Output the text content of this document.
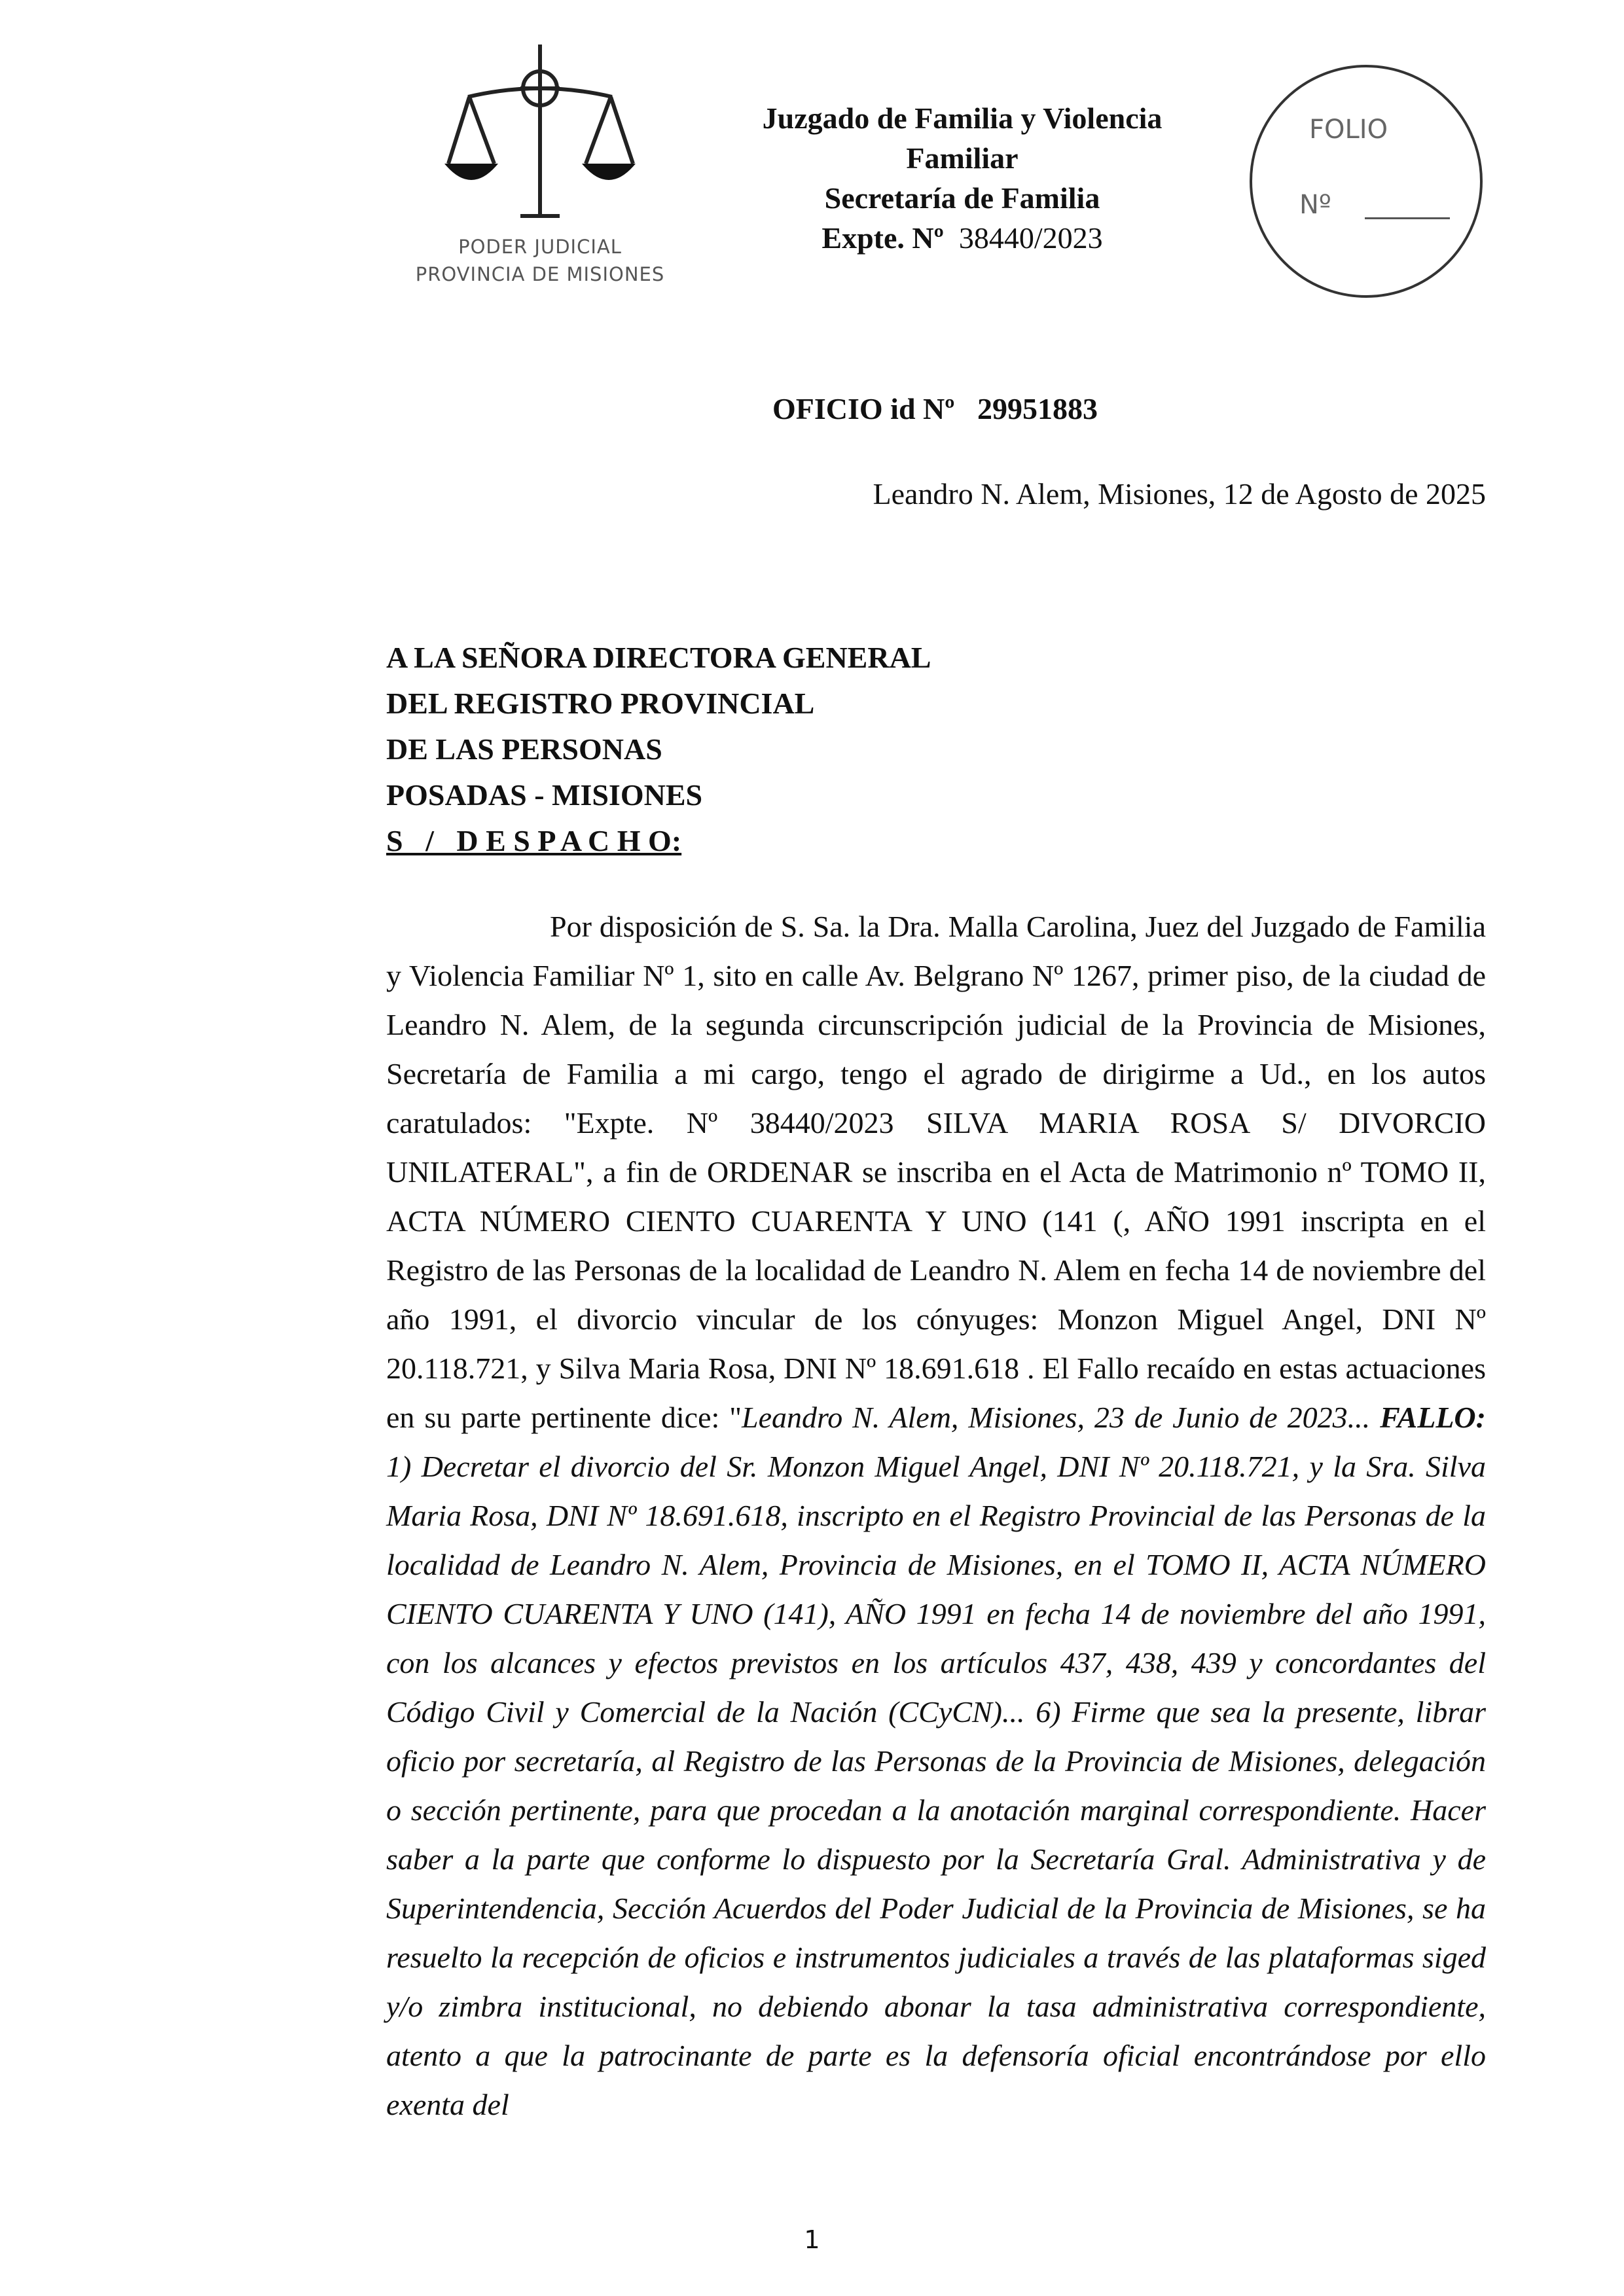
PODER JUDICIAL
PROVINCIA DE MISIONES
Juzgado de Familia y Violencia
Familiar
Secretaría de Familia
Expte. Nº 38440/2023
FOLIO
Nº
OFICIO id Nº 29951883
Leandro N. Alem, Misiones, 12 de Agosto de 2025
A LA SEÑORA DIRECTORA GENERAL
DEL REGISTRO PROVINCIAL
DE LAS PERSONAS
POSADAS - MISIONES
S   /   D E S P A C H O:

Por disposición de S. Sa. la Dra. Malla Carolina, Juez del Juzgado de Familia y Violencia Familiar Nº 1, sito en calle Av. Belgrano Nº 1267, primer piso, de la ciudad de Leandro N. Alem, de la segunda circunscripción judicial de la Provincia de Misiones, Secretaría de Familia a mi cargo, tengo el agrado de dirigirme a Ud., en los autos caratulados: "Expte. Nº 38440/2023 SILVA MARIA ROSA S/ DIVORCIO UNILATERAL", a fin de ORDENAR se inscriba en el Acta de Matrimonio nº TOMO II, ACTA NÚMERO CIENTO CUARENTA Y UNO (141 (, AÑO 1991 inscripta en el Registro de las Personas de la localidad de Leandro N. Alem en fecha 14 de noviembre del año 1991, el divorcio vincular de los cónyuges: Monzon Miguel Angel, DNI Nº 20.118.721, y Silva Maria Rosa, DNI Nº 18.691.618 . El Fallo recaído en estas actuaciones en su parte pertinente dice: "Leandro N. Alem, Misiones, 23 de Junio de 2023... FALLO: 1) Decretar el divorcio del Sr. Monzon Miguel Angel, DNI Nº 20.118.721, y la Sra. Silva Maria Rosa, DNI Nº 18.691.618, inscripto en el Registro Provincial de las Personas de la localidad de Leandro N. Alem, Provincia de Misiones, en el TOMO II, ACTA NÚMERO CIENTO CUARENTA Y UNO (141), AÑO 1991 en fecha 14 de noviembre del año 1991, con los alcances y efectos previstos en los artículos 437, 438, 439 y concordantes del Código Civil y Comercial de la Nación (CCyCN)... 6) Firme que sea la presente, librar oficio por secretaría, al Registro de las Personas de la Provincia de Misiones, delegación o sección pertinente, para que procedan a la anotación marginal correspondiente. Hacer saber a la parte que conforme lo dispuesto por la Secretaría Gral. Administrativa y de Superintendencia, Sección Acuerdos del Poder Judicial de la Provincia de Misiones, se ha resuelto la recepción de oficios e instrumentos judiciales a través de las plataformas siged y/o zimbra institucional, no debiendo abonar la tasa administrativa correspondiente, atento a que la patrocinante de parte es la defensoría oficial encontrándose por ello exenta del

1
